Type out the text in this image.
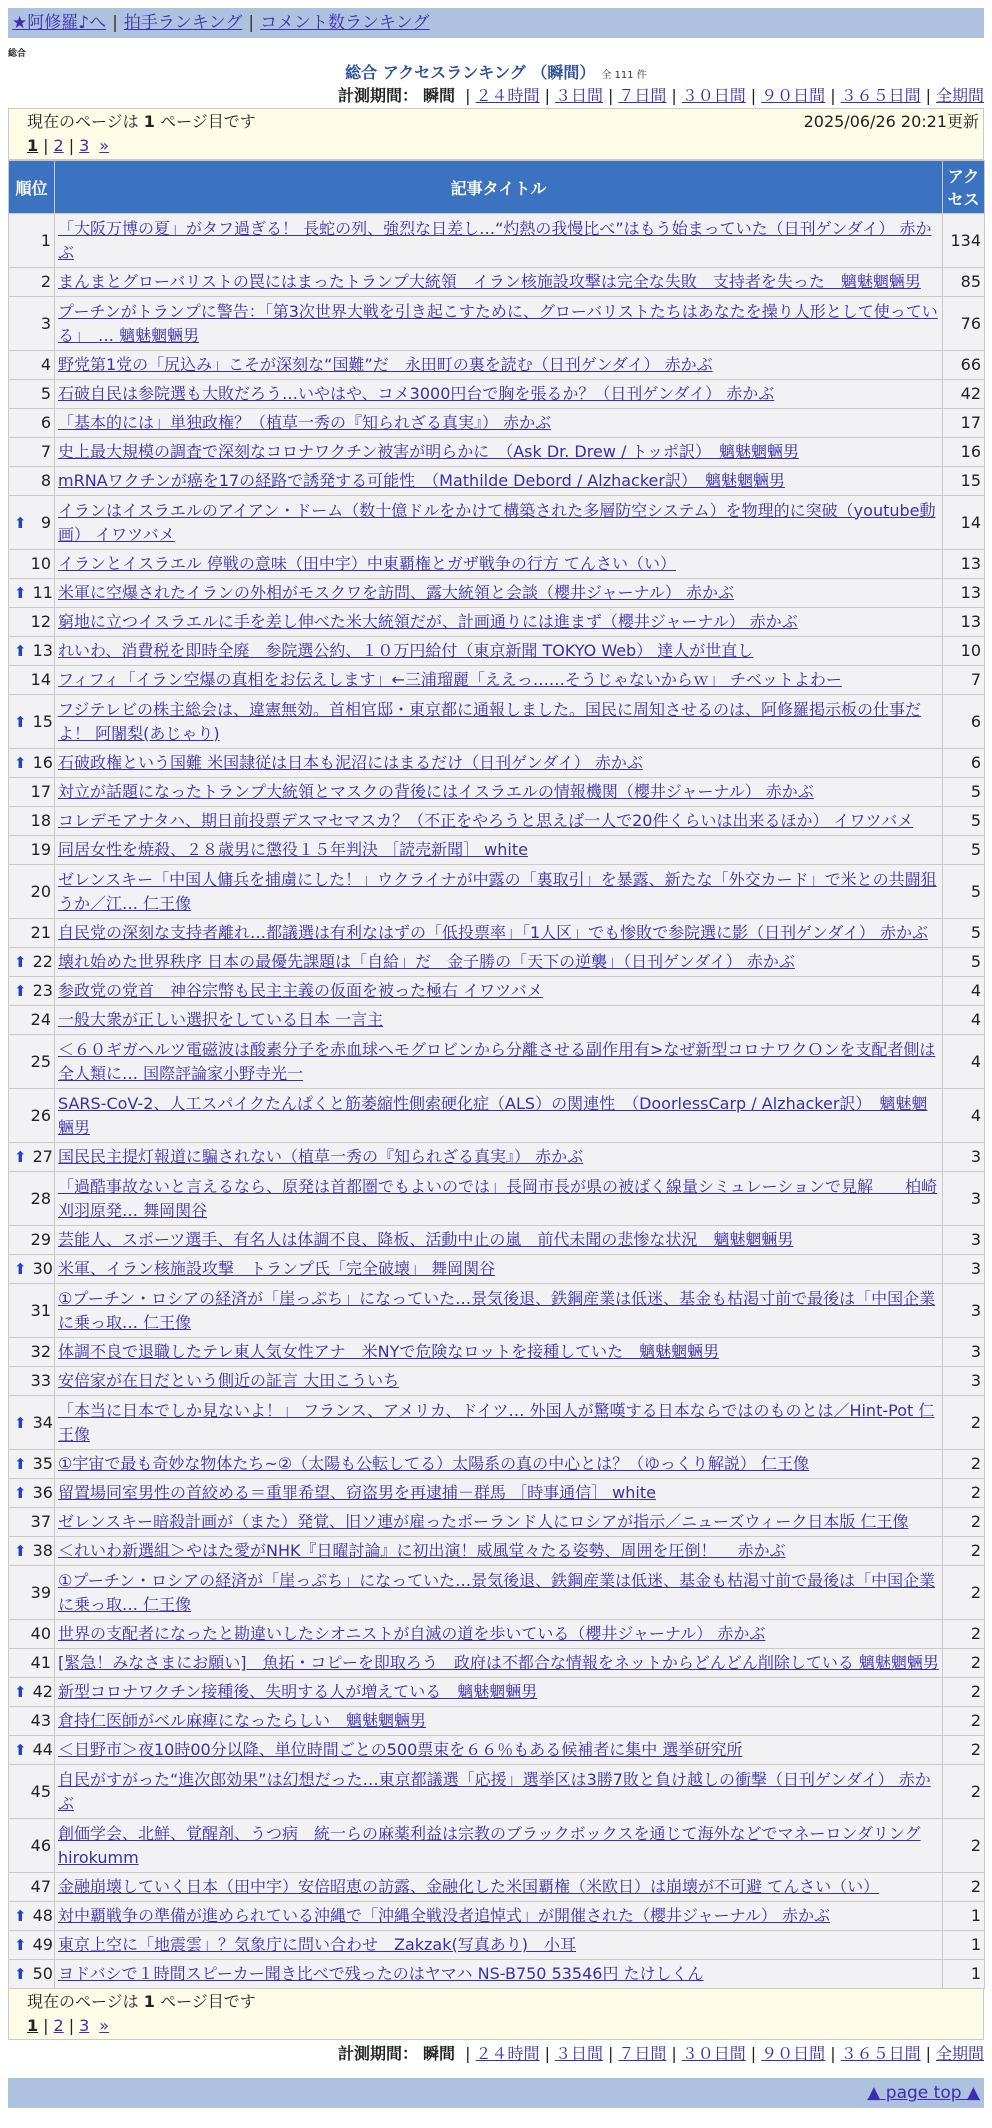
★阿修羅♪へ | 拍手ランキング | コメント数ランキング
総合
総合 アクセスランキング （瞬間） 全 111 件
計測期間： 瞬間 | ２４時間 | ３日間 | ７日間 | ３０日間 | ９０日間 | ３６５日間 | 全期間
現在のページは 1 ページ目です	2025/06/26 20:21更新
1 | 2 | 3 »
順位	記事タイトル	アクセス
1	「大阪万博の夏」がタフ過ぎる！ 長蛇の列、強烈な日差し…“灼熱の我慢比べ”はもう始まっていた（日刊ゲンダイ） 赤かぶ	134
2	まんまとグローバリストの罠にはまったトランプ大統領　イラン核施設攻撃は完全な失敗　支持者を失った　魑魅魍魎男	85
3	プーチンがトランプに警告：「第3次世界大戦を引き起こすために、グローバリストたちはあなたを操り人形として使っている」　… 魑魅魍魎男	76
4	野党第1党の「尻込み」こそが深刻な“国難”だ　永田町の裏を読む（日刊ゲンダイ） 赤かぶ	66
5	石破自民は参院選も大敗だろう…いやはや、コメ3000円台で胸を張るか？（日刊ゲンダイ） 赤かぶ	42
6	「基本的には」単独政権？（植草一秀の『知られざる真実』） 赤かぶ	17
7	史上最大規模の調査で深刻なコロナワクチン被害が明らかに　（Ask Dr. Drew / トッポ訳）　魑魅魍魎男	16
8	mRNAワクチンが癌を17の経路で誘発する可能性　（Mathilde Debord / Alzhacker訳）　魑魅魍魎男	15

⬆ 9	イランはイスラエルのアイアン・ドーム（数十億ドルをかけて構築された多層防空システム）を物理的に突破（youtube動画） イワツバメ	14
10	イランとイスラエル 停戦の意味（田中宇）中東覇権とガザ戦争の行方 てんさい（い）	13

⬆ 11	米軍に空爆されたイランの外相がモスクワを訪問、露大統領と会談（櫻井ジャーナル） 赤かぶ	13
12	窮地に立つイスラエルに手を差し伸べた米大統領だが、計画通りには進まず（櫻井ジャーナル） 赤かぶ	13

⬆ 13	れいわ、消費税を即時全廃　参院選公約、１０万円給付（東京新聞 TOKYO Web） 達人が世直し	10
14	フィフィ「イラン空爆の真相をお伝えします」←三浦瑠麗「ええっ……そうじゃないからｗ」 チベットよわー	7

⬆ 15	フジテレビの株主総会は、違憲無効。首相官邸・東京都に通報しました。国民に周知させるのは、阿修羅掲示板の仕事だよ！ 阿闍梨(あじゃり)	6

⬆ 16	石破政権という国難 米国隷従は日本も泥沼にはまるだけ（日刊ゲンダイ） 赤かぶ	6
17	対立が話題になったトランプ大統領とマスクの背後にはイスラエルの情報機関（櫻井ジャーナル） 赤かぶ	5
18	コレデモアナタハ、期日前投票デスマセマスカ？（不正をやろうと思えば一人で20件くらいは出来るほか） イワツバメ	5
19	同居女性を焼殺、２８歳男に懲役１５年判決 ［読売新聞］ white	5
20	ゼレンスキー「中国人傭兵を捕虜にした！」ウクライナが中露の「裏取引」を暴露、新たな「外交カード」で米との共闘狙うか／江… 仁王像	5
21	自民党の深刻な支持者離れ…都議選は有利なはずの「低投票率」「1人区」でも惨敗で参院選に影（日刊ゲンダイ） 赤かぶ	5

⬆ 22	壊れ始めた世界秩序 日本の最優先課題は「自給」だ　金子勝の「天下の逆襲」（日刊ゲンダイ） 赤かぶ	5

⬆ 23	参政党の党首　神谷宗幣も民主主義の仮面を被った極右 イワツバメ	4
24	一般大衆が正しい選択をしている日本 一言主	4
25	＜６０ギガヘルツ電磁波は酸素分子を赤血球ヘモグロビンから分離させる副作用有>なぜ新型コロナワクＯンを支配者側は全人類に… 国際評論家小野寺光一	4
26	SARS-CoV-2、人工スパイクたんぱくと筋萎縮性側索硬化症（ALS）の関連性　（DoorlessCarp / Alzhacker訳）　魑魅魍魎男	4

⬆ 27	国民民主提灯報道に騙されない（植草一秀の『知られざる真実』） 赤かぶ	3
28	「過酷事故ないと言えるなら、原発は首都圏でもよいのでは」長岡市長が県の被ばく線量シミュレーションで見解　　柏崎刈羽原発… 舞岡関谷	3
29	芸能人、スポーツ選手、有名人は体調不良、降板、活動中止の嵐　前代未聞の悲惨な状況　魑魅魍魎男	3

⬆ 30	米軍、イラン核施設攻撃　トランプ氏「完全破壊」 舞岡関谷	3
31	①プーチン・ロシアの経済が「崖っぷち」になっていた…景気後退、鉄鋼産業は低迷、基金も枯渇寸前で最後は「中国企業に乗っ取… 仁王像	3
32	体調不良で退職したテレ東人気女性アナ　米NYで危険なロットを接種していた　魑魅魍魎男	3
33	安倍家が在日だという側近の証言 大田こういち	3

⬆ 34	「本当に日本でしか見ないよ！」 フランス、アメリカ、ドイツ… 外国人が驚嘆する日本ならではのものとは／Hint-Pot 仁王像	2

⬆ 35	①宇宙で最も奇妙な物体たち~②（太陽も公転してる）太陽系の真の中心とは？（ゆっくり解説） 仁王像	2

⬆ 36	留置場同室男性の首絞める＝重罪希望、窃盗男を再逮捕－群馬 ［時事通信］ white	2
37	ゼレンスキー暗殺計画が（また）発覚、旧ソ連が雇ったポーランド人にロシアが指示／ニューズウィーク日本版 仁王像	2

⬆ 38	＜れいわ新選組＞やはた愛がNHK『日曜討論』に初出演！威風堂々たる姿勢、周囲を圧倒！　 赤かぶ	2
39	①プーチン・ロシアの経済が「崖っぷち」になっていた…景気後退、鉄鋼産業は低迷、基金も枯渇寸前で最後は「中国企業に乗っ取… 仁王像	2
40	世界の支配者になったと勘違いしたシオニストが自滅の道を歩いている（櫻井ジャーナル） 赤かぶ	2
41	[緊急！みなさまにお願い]　魚拓・コピーを即取ろう　政府は不都合な情報をネットからどんどん削除している 魑魅魍魎男	2

⬆ 42	新型コロナワクチン接種後、失明する人が増えている　魑魅魍魎男	2
43	倉持仁医師がベル麻痺になったらしい　魑魅魍魎男	2

⬆ 44	＜日野市＞夜10時00分以降、単位時間ごとの500票束を６６％もある候補者に集中 選挙研究所	2
45	自民がすがった“進次郎効果”は幻想だった…東京都議選「応援」選挙区は3勝7敗と負け越しの衝撃（日刊ゲンダイ） 赤かぶ	2
46	創価学会、北鮮、覚醒剤、うつ病　統一らの麻薬利益は宗教のブラックボックスを通じて海外などでマネーロンダリング hirokumm	2
47	金融崩壊していく日本（田中宇）安倍昭恵の訪露、金融化した米国覇権（米欧日）は崩壊が不可避 てんさい（い）	2

⬆ 48	対中覇戦争の準備が進められている沖縄で「沖縄全戦没者追悼式」が開催された（櫻井ジャーナル） 赤かぶ	1

⬆ 49	東京上空に「地震雲」？気象庁に問い合わせ　Zakzak(写真あり)　小耳	1

⬆ 50	ヨドバシで１時間スピーカー聞き比べで残ったのはヤマハ NS-B750 53546円 たけしくん	1
現在のページは 1 ページ目です
1 | 2 | 3 »
計測期間： 瞬間 | ２４時間 | ３日間 | ７日間 | ３０日間 | ９０日間 | ３６５日間 | 全期間
▲ page top ▲
